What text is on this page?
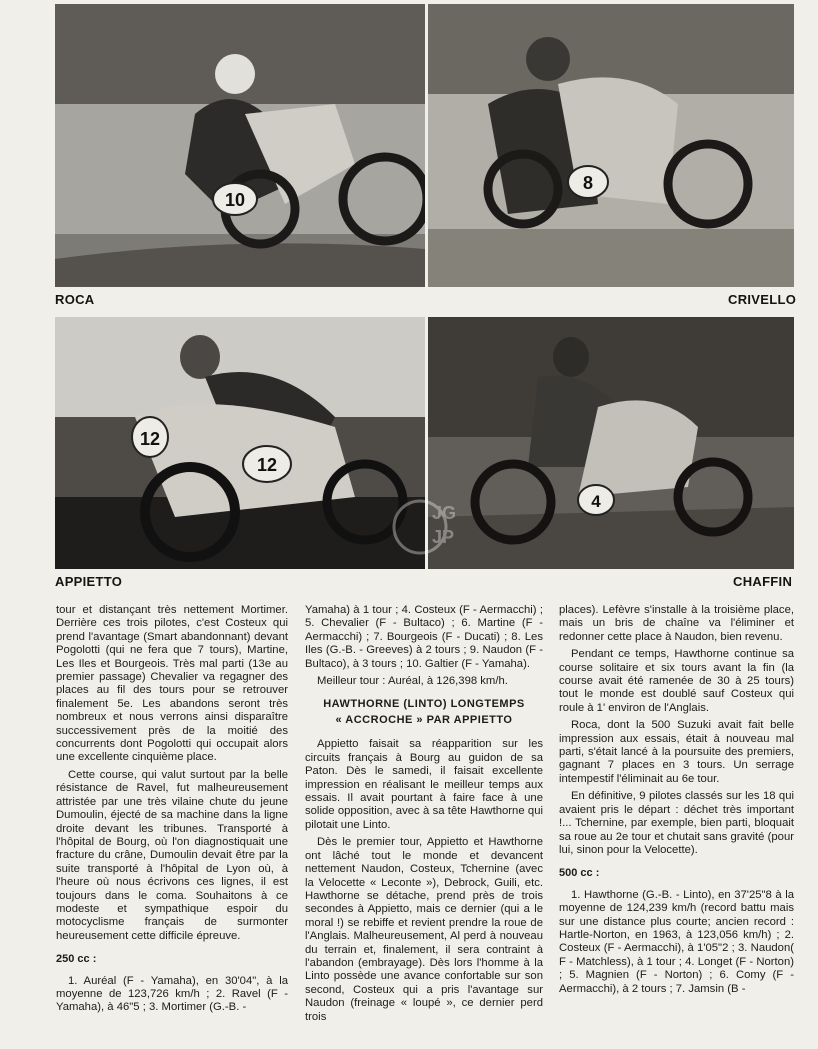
10
ROCA
8
CRIVELLO
12
12
APPIETTO
4
CHAFFIN
JG
JP

tour et distançant très nettement Mortimer. Derrière ces trois pilotes, c'est Costeux qui prend l'avantage (Smart abandonnant) devant Pogolotti (qui ne fera que 7 tours), Martine, Les Iles et Bourgeois. Très mal parti (13e au premier passage) Chevalier va regagner des places au fil des tours pour se retrouver finalement 5e. Les abandons seront très nombreux et nous verrons ainsi disparaître successivement près de la moitié des concurrents dont Pogolotti qui occupait alors une excellente cinquième place.

Cette course, qui valut surtout par la belle résistance de Ravel, fut malheureusement attristée par une très vilaine chute du jeune Dumoulin, éjecté de sa machine dans la ligne droite devant les tribunes. Transporté à l'hôpital de Bourg, où l'on diagnostiquait une fracture du crâne, Dumoulin devait être par la suite transporté à l'hôpital de Lyon où, à l'heure où nous écrivons ces lignes, il est toujours dans le coma. Souhaitons à ce modeste et sympathique espoir du motocyclisme français de surmonter heureusement cette difficile épreuve.

250 cc :

1. Auréal (F - Yamaha), en 30'04", à la moyenne de 123,726 km/h ; 2. Ravel (F - Yamaha), à 46"5 ; 3. Mortimer (G.-B. -

Yamaha) à 1 tour ; 4. Costeux (F - Aermacchi) ; 5. Chevalier (F - Bultaco) ; 6. Martine (F - Aermacchi) ; 7. Bourgeois (F - Ducati) ; 8. Les Iles (G.-B. - Greeves) à 2 tours ; 9. Naudon (F - Bultaco), à 3 tours ; 10. Galtier (F - Yamaha).

Meilleur tour : Auréal, à 126,398 km/h.

HAWTHORNE (LINTO) LONGTEMPS
« ACCROCHE » PAR APPIETTO

Appietto faisait sa réapparition sur les circuits français à Bourg au guidon de sa Paton. Dès le samedi, il faisait excellente impression en réalisant le meilleur temps aux essais. Il avait pourtant à faire face à une solide opposition, avec à sa tête Hawthorne qui pilotait une Linto.

Dès le premier tour, Appietto et Hawthorne ont lâché tout le monde et devancent nettement Naudon, Costeux, Tchernine (avec la Velocette « Leconte »), Debrock, Guili, etc. Hawthorne se détache, prend près de trois secondes à Appietto, mais ce dernier (qui a le moral !) se rebiffe et revient prendre la roue de l'Anglais. Malheureusement, Al perd à nouveau du terrain et, finalement, il sera contraint à l'abandon (embrayage). Dès lors l'homme à la Linto possède une avance confortable sur son second, Costeux qui a pris l'avantage sur Naudon (freinage « loupé », ce dernier perd trois

places). Lefèvre s'installe à la troisième place, mais un bris de chaîne va l'éliminer et redonner cette place à Naudon, bien revenu.

Pendant ce temps, Hawthorne continue sa course solitaire et six tours avant la fin (la course avait été ramenée de 30 à 25 tours) tout le monde est doublé sauf Costeux qui roule à 1' environ de l'Anglais.

Roca, dont la 500 Suzuki avait fait belle impression aux essais, était à nouveau mal parti, s'était lancé à la poursuite des premiers, gagnant 7 places en 3 tours. Un serrage intempestif l'éliminait au 6e tour.

En définitive, 9 pilotes classés sur les 18 qui avaient pris le départ : déchet très important !... Tchernine, par exemple, bien parti, bloquait sa roue au 2e tour et chutait sans gravité (pour lui, sinon pour la Velocette).

500 cc :

1. Hawthorne (G.-B. - Linto), en 37'25"8 à la moyenne de 124,239 km/h (record battu mais sur une distance plus courte; ancien record : Hartle-Norton, en 1963, à 123,056 km/h) ; 2. Costeux (F - Aermacchi), à 1'05"2 ; 3. Naudon( F - Matchless), à 1 tour ; 4. Longet (F - Norton) ; 5. Magnien (F - Norton) ; 6. Comy (F - Aermacchi), à 2 tours ; 7. Jamsin (B -
